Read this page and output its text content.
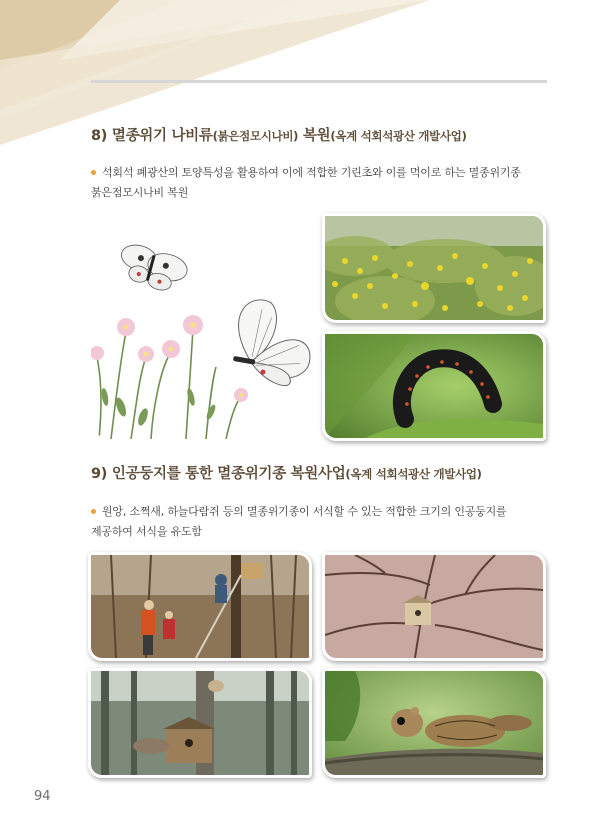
8) 멸종위기 나비류(붉은점모시나비) 복원(옥계 석회석광산 개발사업)

석회석 폐광산의 토양특성을 활용하여 이에 적합한 기린초와 이를 먹이로 하는 멸종위기종
붉은점모시나비 복원

9) 인공둥지를 통한 멸종위기종 복원사업(옥계 석회석광산 개발사업)

원앙, 소쩍새, 하늘다람쥐 등의 멸종위기종이 서식할 수 있는 적합한 크기의 인공둥지를
제공하여 서식을 유도함

94
